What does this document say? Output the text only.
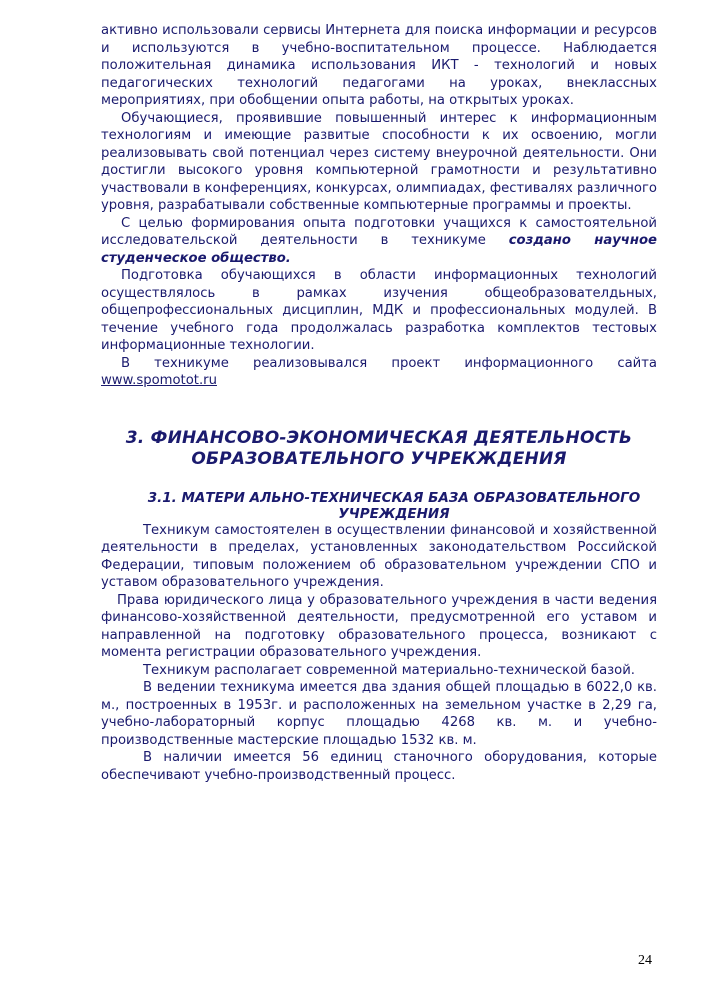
активно использовали сервисы Интернета для поиска информации и ресурсов и используются в учебно-воспитательном процессе. Наблюдается положительная динамика использования ИКТ - технологий и новых педагогических технологий педагогами на уроках, внеклассных мероприятиях, при обобщении опыта работы, на открытых уроках.

Обучающиеся, проявившие повышенный интерес к информационным технологиям и имеющие развитые способности к их освоению, могли реализовывать свой потенциал через систему внеурочной деятельности. Они достигли высокого уровня компьютерной грамотности и результативно участвовали в конференциях, конкурсах, олимпиадах, фестивалях различного уровня, разрабатывали собственные компьютерные программы и проекты.

С целью формирования опыта подготовки учащихся к самостоятельной исследовательской деятельности в техникуме создано научное студенческое общество.

Подготовка обучающихся в области информационных технологий осуществлялось в рамках изучения общеобразователдьных, общепрофессиональных дисциплин, МДК и профессиональных модулей. В течение учебного года продолжалась разработка комплектов тестовых информационные технологии.

В техникуме реализовывался проект информационного сайта www.spomotot.ru

3. ФИНАНСОВО-ЭКОНОМИЧЕСКАЯ ДЕЯТЕЛЬНОСТЬ ОБРАЗОВАТЕЛЬНОГО УЧРЕКЖДЕНИЯ

3.1. МАТЕРИ АЛЬНО-ТЕХНИЧЕСКАЯ БАЗА ОБРАЗОВАТЕЛЬНОГО УЧРЕЖДЕНИЯ

Техникум самостоятелен в осуществлении финансовой и хозяйственной деятельности в пределах, установленных законодательством Российской Федерации, типовым положением об образовательном учреждении СПО и уставом образовательного учреждения.

Права юридического лица у образовательного учреждения в части ведения финансово-хозяйственной деятельности, предусмотренной его уставом и направленной на подготовку образовательного процесса, возникают с момента регистрации образовательного учреждения.

Техникум располагает современной материально-технической базой.

В ведении техникума имеется два здания общей площадью в 6022,0 кв. м., построенных в 1953г. и расположенных на земельном участке в 2,29 га, учебно-лабораторный корпус площадью 4268 кв. м. и учебно-производственные мастерские площадью 1532 кв. м.

В наличии имеется 56 единиц станочного оборудования, которые обеспечивают учебно-производственный процесс.

24
